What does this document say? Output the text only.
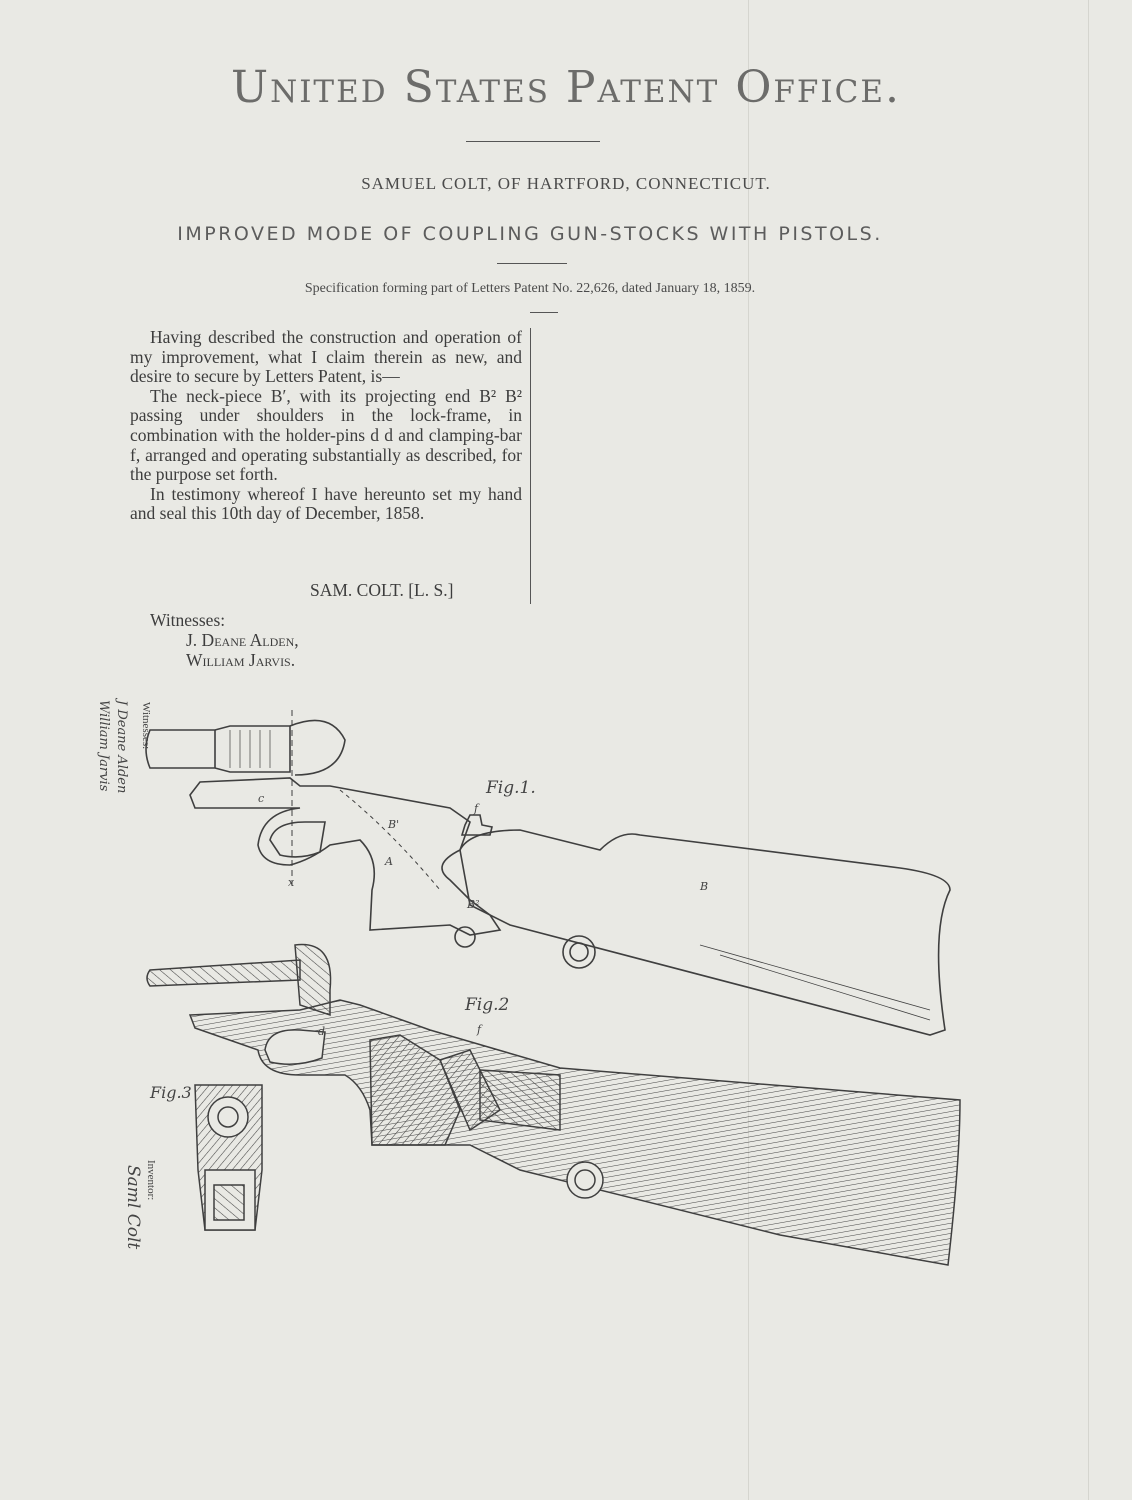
United States Patent Office.
SAMUEL COLT, OF HARTFORD, CONNECTICUT.
IMPROVED MODE OF COUPLING GUN-STOCKS WITH PISTOLS.
Specification forming part of Letters Patent No. 22,626, dated January 18, 1859.

Having described the construction and operation of my improvement, what I claim therein as new, and desire to secure by Letters Patent, is—

The neck-piece B′, with its projecting end B² B² passing under shoulders in the lock-frame, in combination with the holder-pins d d and clamping-bar f, arranged and operating substantially as described, for the purpose set forth.

In testimony whereof I have hereunto set my hand and seal this 10th day of December, 1858.

SAM. COLT. [L. S.]
Witnesses:
J. Deane Alden,
William Jarvis.
Witnesses:
J Deane Alden
William Jarvis
Inventor:
Saml Colt
Fig.1.
B
B'
A
c
f
B²
x
Fig.2
f
d
Fig.3
